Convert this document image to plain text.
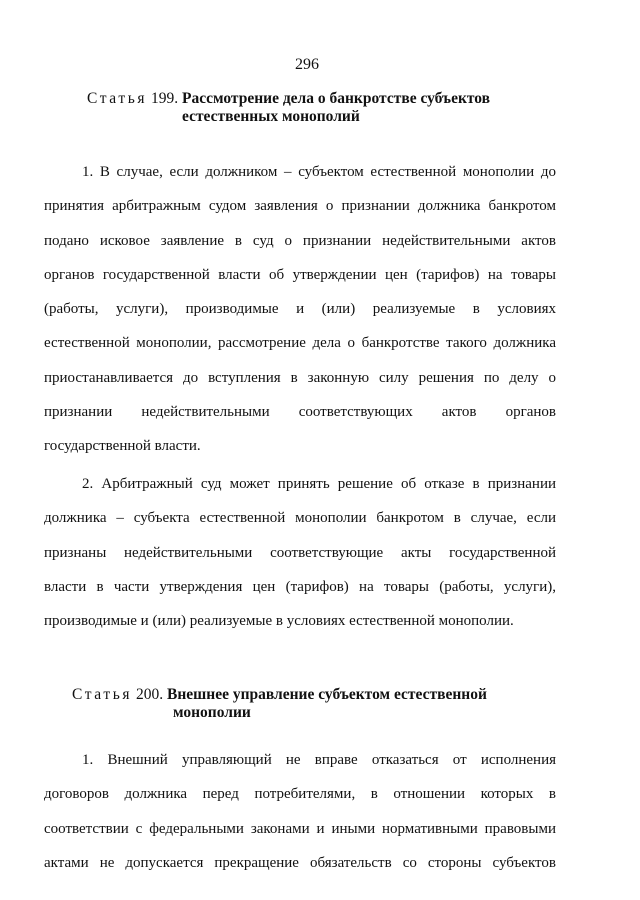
296
Статья 199. Рассмотрение дела о банкротстве субъектов
естественных монополий
1. В случае, если должником – субъектом естественной монополии до
принятия арбитражным судом заявления о признании должника банкротом
подано исковое заявление в суд о признании недействительными актов
органов государственной власти об утверждении цен (тарифов) на товары
(работы, услуги), производимые и (или) реализуемые в условиях
естественной монополии, рассмотрение дела о банкротстве такого должника
приостанавливается до вступления в законную силу решения по делу о
признании недействительными соответствующих актов органов
государственной власти.
2. Арбитражный суд может принять решение об отказе в признании
должника – субъекта естественной монополии банкротом в случае, если
признаны недействительными соответствующие акты государственной
власти в части утверждения цен (тарифов) на товары (работы, услуги),
производимые и (или) реализуемые в условиях естественной монополии.
Статья 200. Внешнее управление субъектом естественной
монополии
1. Внешний управляющий не вправе отказаться от исполнения
договоров должника перед потребителями, в отношении которых в
соответствии с федеральными законами и иными нормативными правовыми
актами не допускается прекращение обязательств со стороны субъектов
